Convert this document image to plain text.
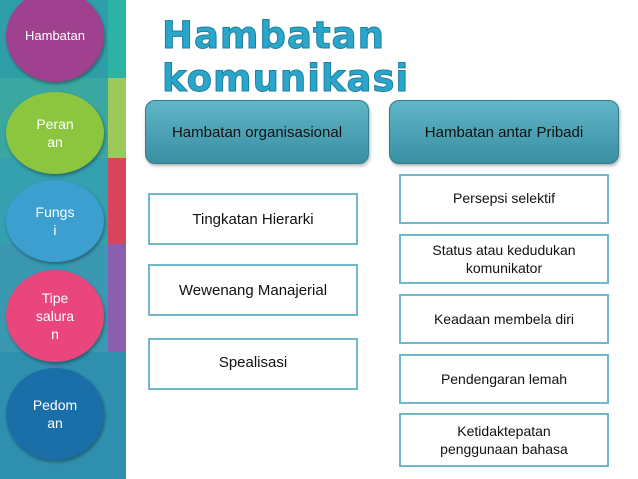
Hambatan
Peran
an
Fungs
i
Tipe
salura
n
Pedom
an
Hambatan komunikasi
Hambatan organisasional	Hambatan antar Pribadi
Tingkatan Hierarki
Wewenang Manajerial
Spealisasi
Persepsi selektif
Status atau kedudukan komunikator
Keadaan membela diri
Pendengaran lemah
Ketidaktepatan penggunaan bahasa
